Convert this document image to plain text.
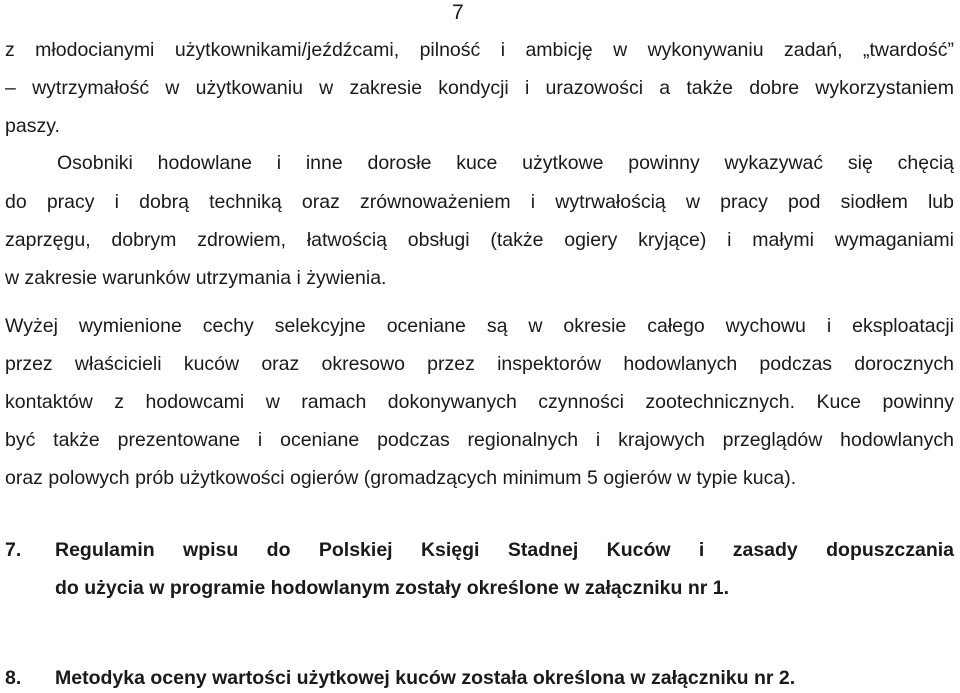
7
z młodocianymi użytkownikami/jeźdźcami, pilność i ambicję w wykonywaniu zadań, „twardość”
– wytrzymałość w użytkowaniu w zakresie kondycji i urazowości a także dobre wykorzystaniem
paszy.
Osobniki hodowlane i inne dorosłe kuce użytkowe powinny wykazywać się chęcią
do pracy i dobrą techniką oraz zrównoważeniem i wytrwałością w pracy pod siodłem lub
zaprzęgu, dobrym zdrowiem, łatwością obsługi (także ogiery kryjące) i małymi wymaganiami
w zakresie warunków utrzymania i żywienia.
Wyżej wymienione cechy selekcyjne oceniane są w okresie całego wychowu i eksploatacji
przez właścicieli kuców oraz okresowo przez inspektorów hodowlanych podczas dorocznych
kontaktów z hodowcami w ramach dokonywanych czynności zootechnicznych. Kuce powinny
być także prezentowane i oceniane podczas regionalnych i krajowych przeglądów hodowlanych
oraz polowych prób użytkowości ogierów (gromadzących minimum 5 ogierów w typie kuca).
7. Regulamin wpisu do Polskiej Księgi Stadnej Kuców i zasady dopuszczania
do użycia w programie hodowlanym zostały określone w załączniku nr 1.
8. Metodyka oceny wartości użytkowej kuców została określona w załączniku nr 2.
